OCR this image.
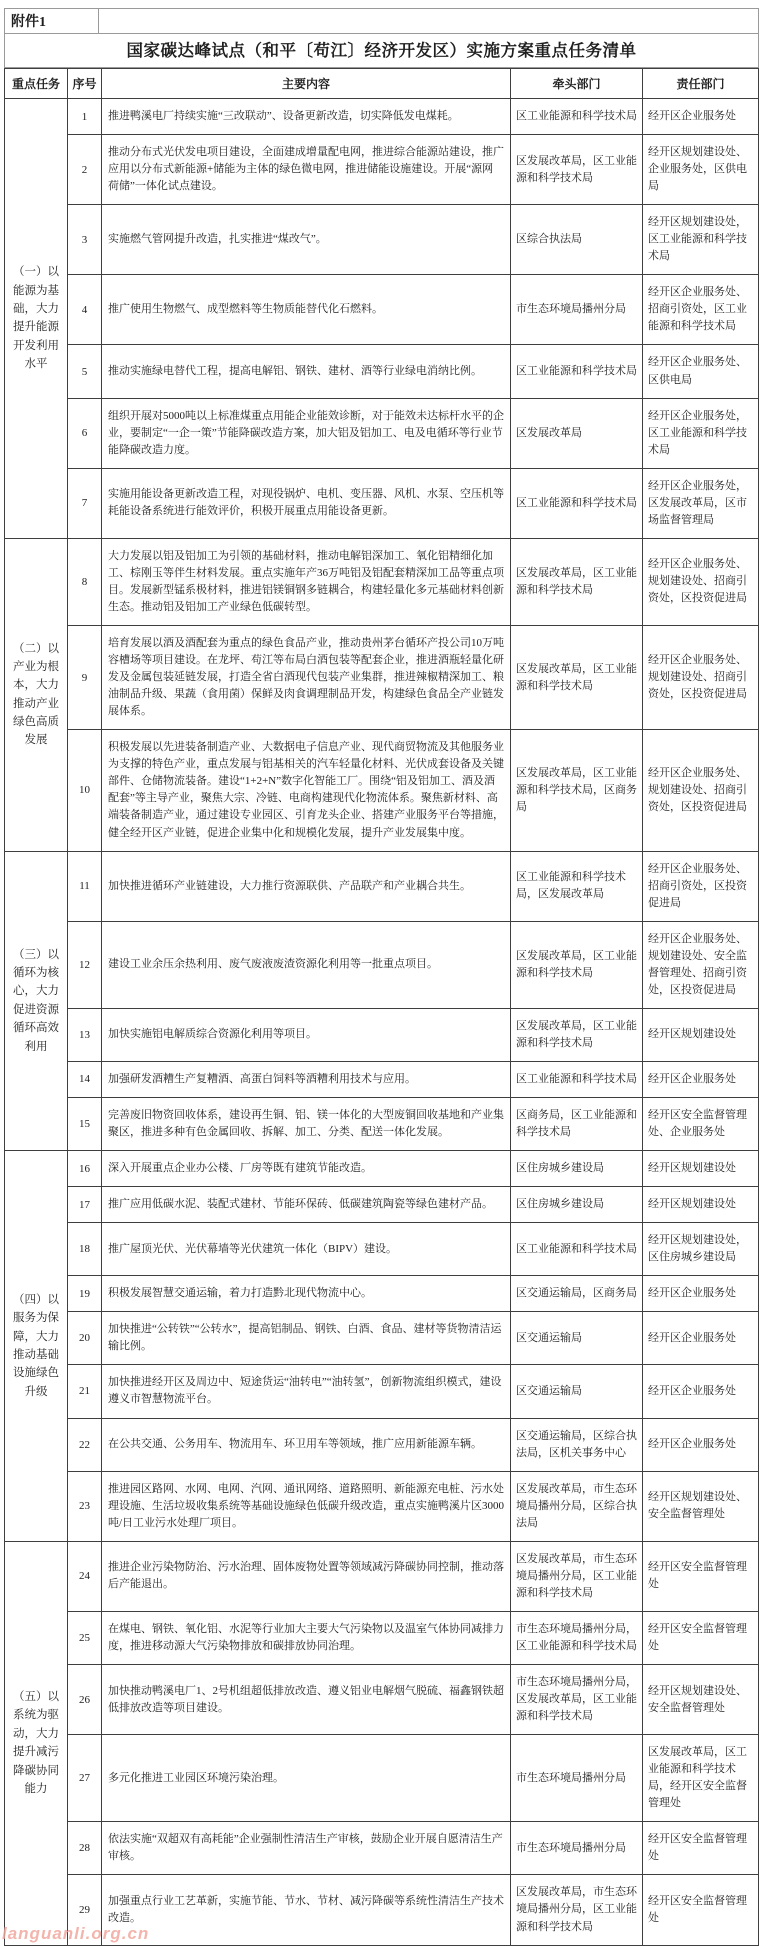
附件1
国家碳达峰试点（和平〔苟江〕经济开发区）实施方案重点任务清单
重点任务	序号	主要内容	牵头部门	责任部门
（一）以能源为基础，大力提升能源开发利用水平	1	推进鸭溪电厂持续实施“三改联动”、设备更新改造，切实降低发电煤耗。	区工业能源和科学技术局	经开区企业服务处
	2	推动分布式光伏发电项目建设，全面建成增量配电网，推进综合能源站建设，推广应用以分布式新能源+储能为主体的绿色微电网，推进储能设施建设。开展“源网荷储”一体化试点建设。	区发展改革局，区工业能源和科学技术局	经开区规划建设处、企业服务处，区供电局
	3	实施燃气管网提升改造，扎实推进“煤改气”。	区综合执法局	经开区规划建设处，区工业能源和科学技术局
	4	推广使用生物燃气、成型燃料等生物质能替代化石燃料。	市生态环境局播州分局	经开区企业服务处、招商引资处，区工业能源和科学技术局
	5	推动实施绿电替代工程，提高电解铝、钢铁、建材、酒等行业绿电消纳比例。	区工业能源和科学技术局	经开区企业服务处、区供电局
	6	组织开展对5000吨以上标准煤重点用能企业能效诊断，对于能效未达标杆水平的企业，要制定“一企一策”节能降碳改造方案，加大铝及铝加工、电及电循环等行业节能降碳改造力度。	区发展改革局	经开区企业服务处，区工业能源和科学技术局
	7	实施用能设备更新改造工程，对现役锅炉、电机、变压器、风机、水泵、空压机等耗能设备系统进行能效评价，积极开展重点用能设备更新。	区工业能源和科学技术局	经开区企业服务处，区发展改革局，区市场监督管理局
（二）以产业为根本，大力推动产业绿色高质发展	8	大力发展以铝及铝加工为引领的基础材料，推动电解铝深加工、氧化铝精细化加工、棕刚玉等伴生材料发展。重点实施年产36万吨铝及铝配套精深加工品等重点项目。发展新型锰系极材料，推进铝镁铜钢多链耦合，构建轻量化多元基础材料创新生态。推动铝及铝加工产业绿色低碳转型。	区发展改革局，区工业能源和科学技术局	经开区企业服务处、规划建设处、招商引资处，区投资促进局
	9	培育发展以酒及酒配套为重点的绿色食品产业，推动贵州茅台循环产投公司10万吨容槽场等项目建设。在龙坪、苟江等布局白酒包装等配套企业，推进酒瓶轻量化研发及金属包装延链发展，打造全省白酒现代包装产业集群，推进辣椒精深加工、粮油制品升级、果蔬（食用菌）保鲜及肉食调理制品开发，构建绿色食品全产业链发展体系。	区发展改革局，区工业能源和科学技术局	经开区企业服务处、规划建设处、招商引资处，区投资促进局
	10	积极发展以先进装备制造产业、大数据电子信息产业、现代商贸物流及其他服务业为支撑的特色产业，重点发展与铝基相关的汽车轻量化材料、光伏成套设备及关键部件、仓储物流装备。建设“1+2+N”数字化智能工厂。围绕“铝及铝加工、酒及酒配套”等主导产业，聚焦大宗、冷链、电商构建现代化物流体系。聚焦新材料、高端装备制造产业，通过建设专业园区、引育龙头企业、搭建产业服务平台等措施，健全经开区产业链，促进企业集中化和规模化发展，提升产业发展集中度。	区发展改革局，区工业能源和科学技术局，区商务局	经开区企业服务处、规划建设处、招商引资处，区投资促进局
（三）以循环为核心，大力促进资源循环高效利用	11	加快推进循环产业链建设，大力推行资源联供、产品联产和产业耦合共生。	区工业能源和科学技术局，区发展改革局	经开区企业服务处、招商引资处，区投资促进局
	12	建设工业余压余热利用、废气废液废渣资源化利用等一批重点项目。	区发展改革局，区工业能源和科学技术局	经开区企业服务处、规划建设处、安全监督管理处、招商引资处，区投资促进局
	13	加快实施铝电解质综合资源化利用等项目。	区发展改革局，区工业能源和科学技术局	经开区规划建设处
	14	加强研发酒糟生产复糟酒、高蛋白饲料等酒糟利用技术与应用。	区工业能源和科学技术局	经开区企业服务处
	15	完善废旧物资回收体系，建设再生铜、铝、镁一体化的大型废铜回收基地和产业集聚区，推进多种有色金属回收、拆解、加工、分类、配送一体化发展。	区商务局，区工业能源和科学技术局	经开区安全监督管理处、企业服务处
（四）以服务为保障，大力推动基础设施绿色升级	16	深入开展重点企业办公楼、厂房等既有建筑节能改造。	区住房城乡建设局	经开区规划建设处
	17	推广应用低碳水泥、装配式建材、节能环保砖、低碳建筑陶瓷等绿色建材产品。	区住房城乡建设局	经开区规划建设处
	18	推广屋顶光伏、光伏幕墙等光伏建筑一体化（BIPV）建设。	区工业能源和科学技术局	经开区规划建设处，区住房城乡建设局
	19	积极发展智慧交通运输，着力打造黔北现代物流中心。	区交通运输局，区商务局	经开区企业服务处
	20	加快推进“公转铁”“公转水”，提高铝制品、钢铁、白酒、食品、建材等货物清洁运输比例。	区交通运输局	经开区企业服务处
	21	加快推进经开区及周边中、短途货运“油转电”“油转氢”，创新物流组织模式，建设遵义市智慧物流平台。	区交通运输局	经开区企业服务处
	22	在公共交通、公务用车、物流用车、环卫用车等领域，推广应用新能源车辆。	区交通运输局，区综合执法局，区机关事务中心	经开区企业服务处
	23	推进园区路网、水网、电网、汽网、通讯网络、道路照明、新能源充电桩、污水处理设施、生活垃圾收集系统等基础设施绿色低碳升级改造，重点实施鸭溪片区3000吨/日工业污水处理厂项目。	区发展改革局，市生态环境局播州分局，区综合执法局	经开区规划建设处、安全监督管理处
（五）以系统为驱动，大力提升减污降碳协同能力	24	推进企业污染物防治、污水治理、固体废物处置等领域减污降碳协同控制，推动落后产能退出。	区发展改革局，市生态环境局播州分局，区工业能源和科学技术局	经开区安全监督管理处
	25	在煤电、钢铁、氧化铝、水泥等行业加大主要大气污染物以及温室气体协同减排力度，推进移动源大气污染物排放和碳排放协同治理。	市生态环境局播州分局，区工业能源和科学技术局	经开区安全监督管理处
	26	加快推动鸭溪电厂1、2号机组超低排放改造、遵义铝业电解烟气脱硫、福鑫钢铁超低排放改造等项目建设。	市生态环境局播州分局，区发展改革局，区工业能源和科学技术局	经开区规划建设处、安全监督管理处
	27	多元化推进工业园区环境污染治理。	市生态环境局播州分局	区发展改革局，区工业能源和科学技术局，经开区安全监督管理处
	28	依法实施“双超双有高耗能”企业强制性清洁生产审核，鼓励企业开展自愿清洁生产审核。	市生态环境局播州分局	经开区安全监督管理处
	29	加强重点行业工艺革新，实施节能、节水、节材、减污降碳等系统性清洁生产技术改造。	区发展改革局，市生态环境局播州分局，区工业能源和科学技术局	经开区安全监督管理处
languanli.org.cn
